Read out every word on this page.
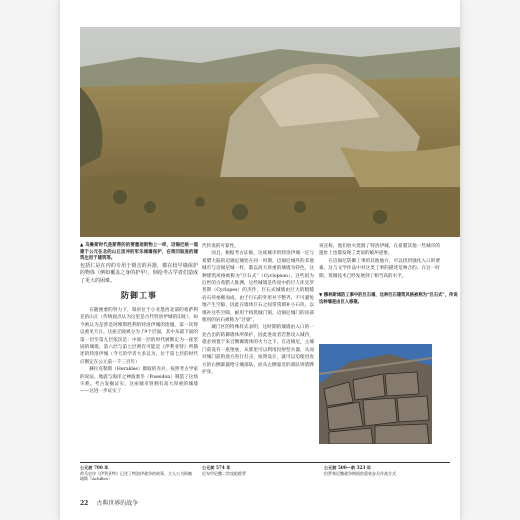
▲ 乌鲁斯时代是斯蒂的的要塞迹斯物上一样，迈锡尼统一道建于公元在北的山丘顶冲的军乐城墙保护，在周凹取进的建筑也用于建筑等。

包括仁是在内的专用于倒击的兵器，都在较早墙保护的物体（例如覆盖之身的护甲），倒给考古学者们造成了更大的困难。

防御工事

在随便要的努力下，筹府位于小亚墨西北部的希萨利克的山丘（传统观点认为这里是古代特洛伊城的旧址），如今被认为是曾是阿摩斯胜利的特洛伊城的废墟，第一次得以重见天日。这座丘陵被分为了9个层面，其中从最下面的第一层至第九层依次是：中间一层的时代被断定为一座坚固的城墙，第六层与第七层则有可能是《伊利亚特》所描述的特洛伊城（今天的学者大多以为，位于第七层的时代应断定在公元前一千三百年）

赫拉克勒斯（Herakles）摄取的赤兵，按照考古学家的说法，地震与海洋之神波塞冬（Poseidon）制造了这场灾难。考古发掘证实，这座城市曾拥有高大厚重的城墙——这进一步证实了

代传说的可靠性。

而且，根据考古证据，这座城市的特洛伊城一定与希腊大陆的迈锡尼城处在同一时期。迈锡尼城外的其他城市与迈锡尼城一样，都以高大厚重的城墙为特色，这种建筑风格被称为“巨石式”（Cyclopean）。这些因为后世的古希腊人推测，这些城墙是传说中的巨人库克罗普斯（Cyclopes）的杰作，巨石式城墙由巨大的粗糙岩石块垒砌而成，由于巨石的外形并不整齐，不可避免地产生空隙，因此在墙体巨石之间常常填补小石块，以填补这些空隙，耐用于构筑城门洞，迈锡尼城门的顶部使用的岩石被称为“过梁”。

城门区的特殊样式表明，这时期的城墙由入口的一处凸出的防御墙体所保护，因此进攻者若想攻入城内，就必须置于来自侧翼墙体的火力之下。在迈锡尼，主城门前设有一座堡垒，从那里可以利用投射型兵器，从而对城门前的敌方进行打击，按照设计，就可以迫使进攻方的右侧暴露给守城部队，而从左侧靠近的部队则盾牌护身。

说宣称，他们放火烧毁了特洛伊城，在希腊其他一些城市的遗址上也都发现了类似的破坏迹象。

在迈锡尼防御工事的其他地方，可以找到强化入口的要素，这与文学作品中对这类工事的描述是吻合的。在这一时期，筑城技术已经发展到了相当高的水平。

▼ 穆林斯城防工事中的巨石墙，这种巨石建筑风格被称为“巨石式”，传说这种墙是由巨人修建。
公元前 700 年
荷马史诗《伊利亚特》记述了特洛伊战争的故事，主人公为阿喀琉斯（Achilles）
公元前 574 年
尼布甲尼撒二世攻陷推罗
公元前 500—前 323 年
伯罗奔尼撒战争期间的重装步兵作战方式
22 古典世界的战争
